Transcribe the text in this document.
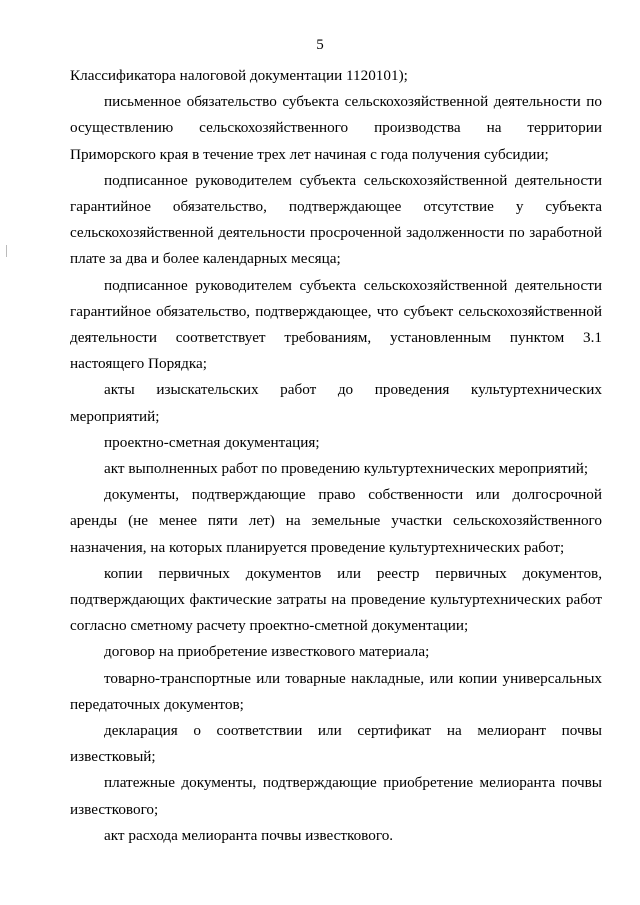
5

Классификатора налоговой документации 1120101);

письменное обязательство субъекта сельскохозяйственной деятельности по осуществлению сельскохозяйственного производства на территории Приморского края в течение трех лет начиная с года получения субсидии;

подписанное руководителем субъекта сельскохозяйственной деятельности гарантийное обязательство, подтверждающее отсутствие у субъекта сельскохозяйственной деятельности просроченной задолженности по заработной плате за два и более календарных месяца;

подписанное руководителем субъекта сельскохозяйственной деятельности гарантийное обязательство, подтверждающее, что субъект сельскохозяйственной деятельности соответствует требованиям, установленным пунктом 3.1 настоящего Порядка;

акты изыскательских работ до проведения культуртехнических мероприятий;

проектно-сметная документация;

акт выполненных работ по проведению культуртехнических мероприятий;

документы, подтверждающие право собственности или долгосрочной аренды (не менее пяти лет) на земельные участки сельскохозяйственного назначения, на которых планируется проведение культуртехнических работ;

копии первичных документов или реестр первичных документов, подтверждающих фактические затраты на проведение культуртехнических работ согласно сметному расчету проектно-сметной документации;

договор на приобретение известкового материала;

товарно-транспортные или товарные накладные, или копии универсальных передаточных документов;

декларация о соответствии или сертификат на мелиорант почвы известковый;

платежные документы, подтверждающие приобретение мелиоранта почвы известкового;

акт расхода мелиоранта почвы известкового.
